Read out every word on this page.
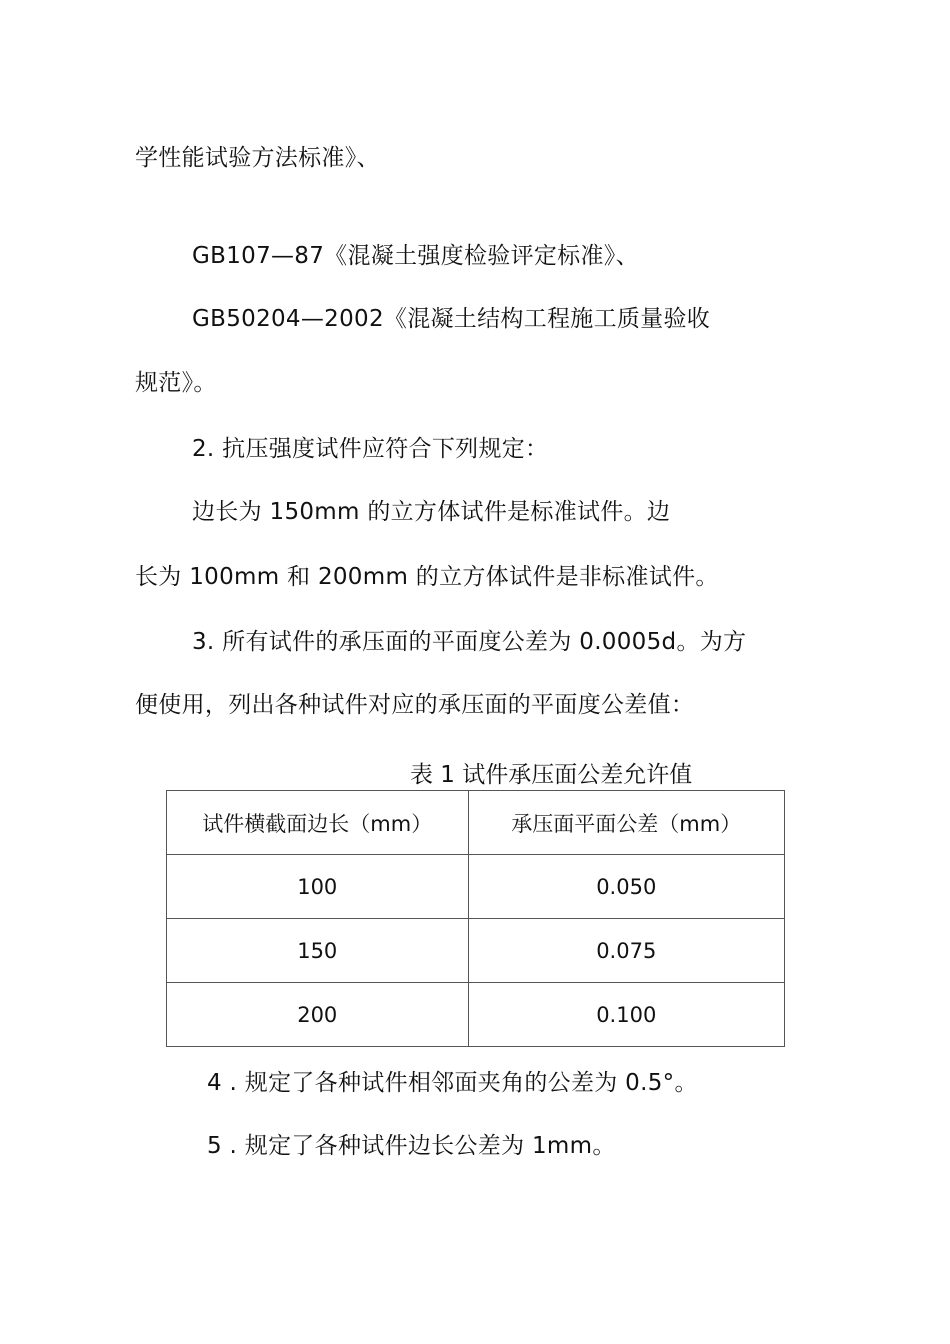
学性能试验方法标准》、
GB107—87《混凝土强度检验评定标准》、
GB50204—2002《混凝土结构工程施工质量验收
规范》。
2. 抗压强度试件应符合下列规定：
边长为 150mm 的立方体试件是标准试件。边
长为 100mm 和 200mm 的立方体试件是非标准试件。
3. 所有试件的承压面的平面度公差为 0.0005d。为方
便使用，列出各种试件对应的承压面的平面度公差值：
表 1 试件承压面公差允许值
试件横截面边长（mm）	承压面平面公差（mm）
100	0.050
150	0.075
200	0.100
4 . 规定了各种试件相邻面夹角的公差为 0.5°。
5 . 规定了各种试件边长公差为 1mm。
